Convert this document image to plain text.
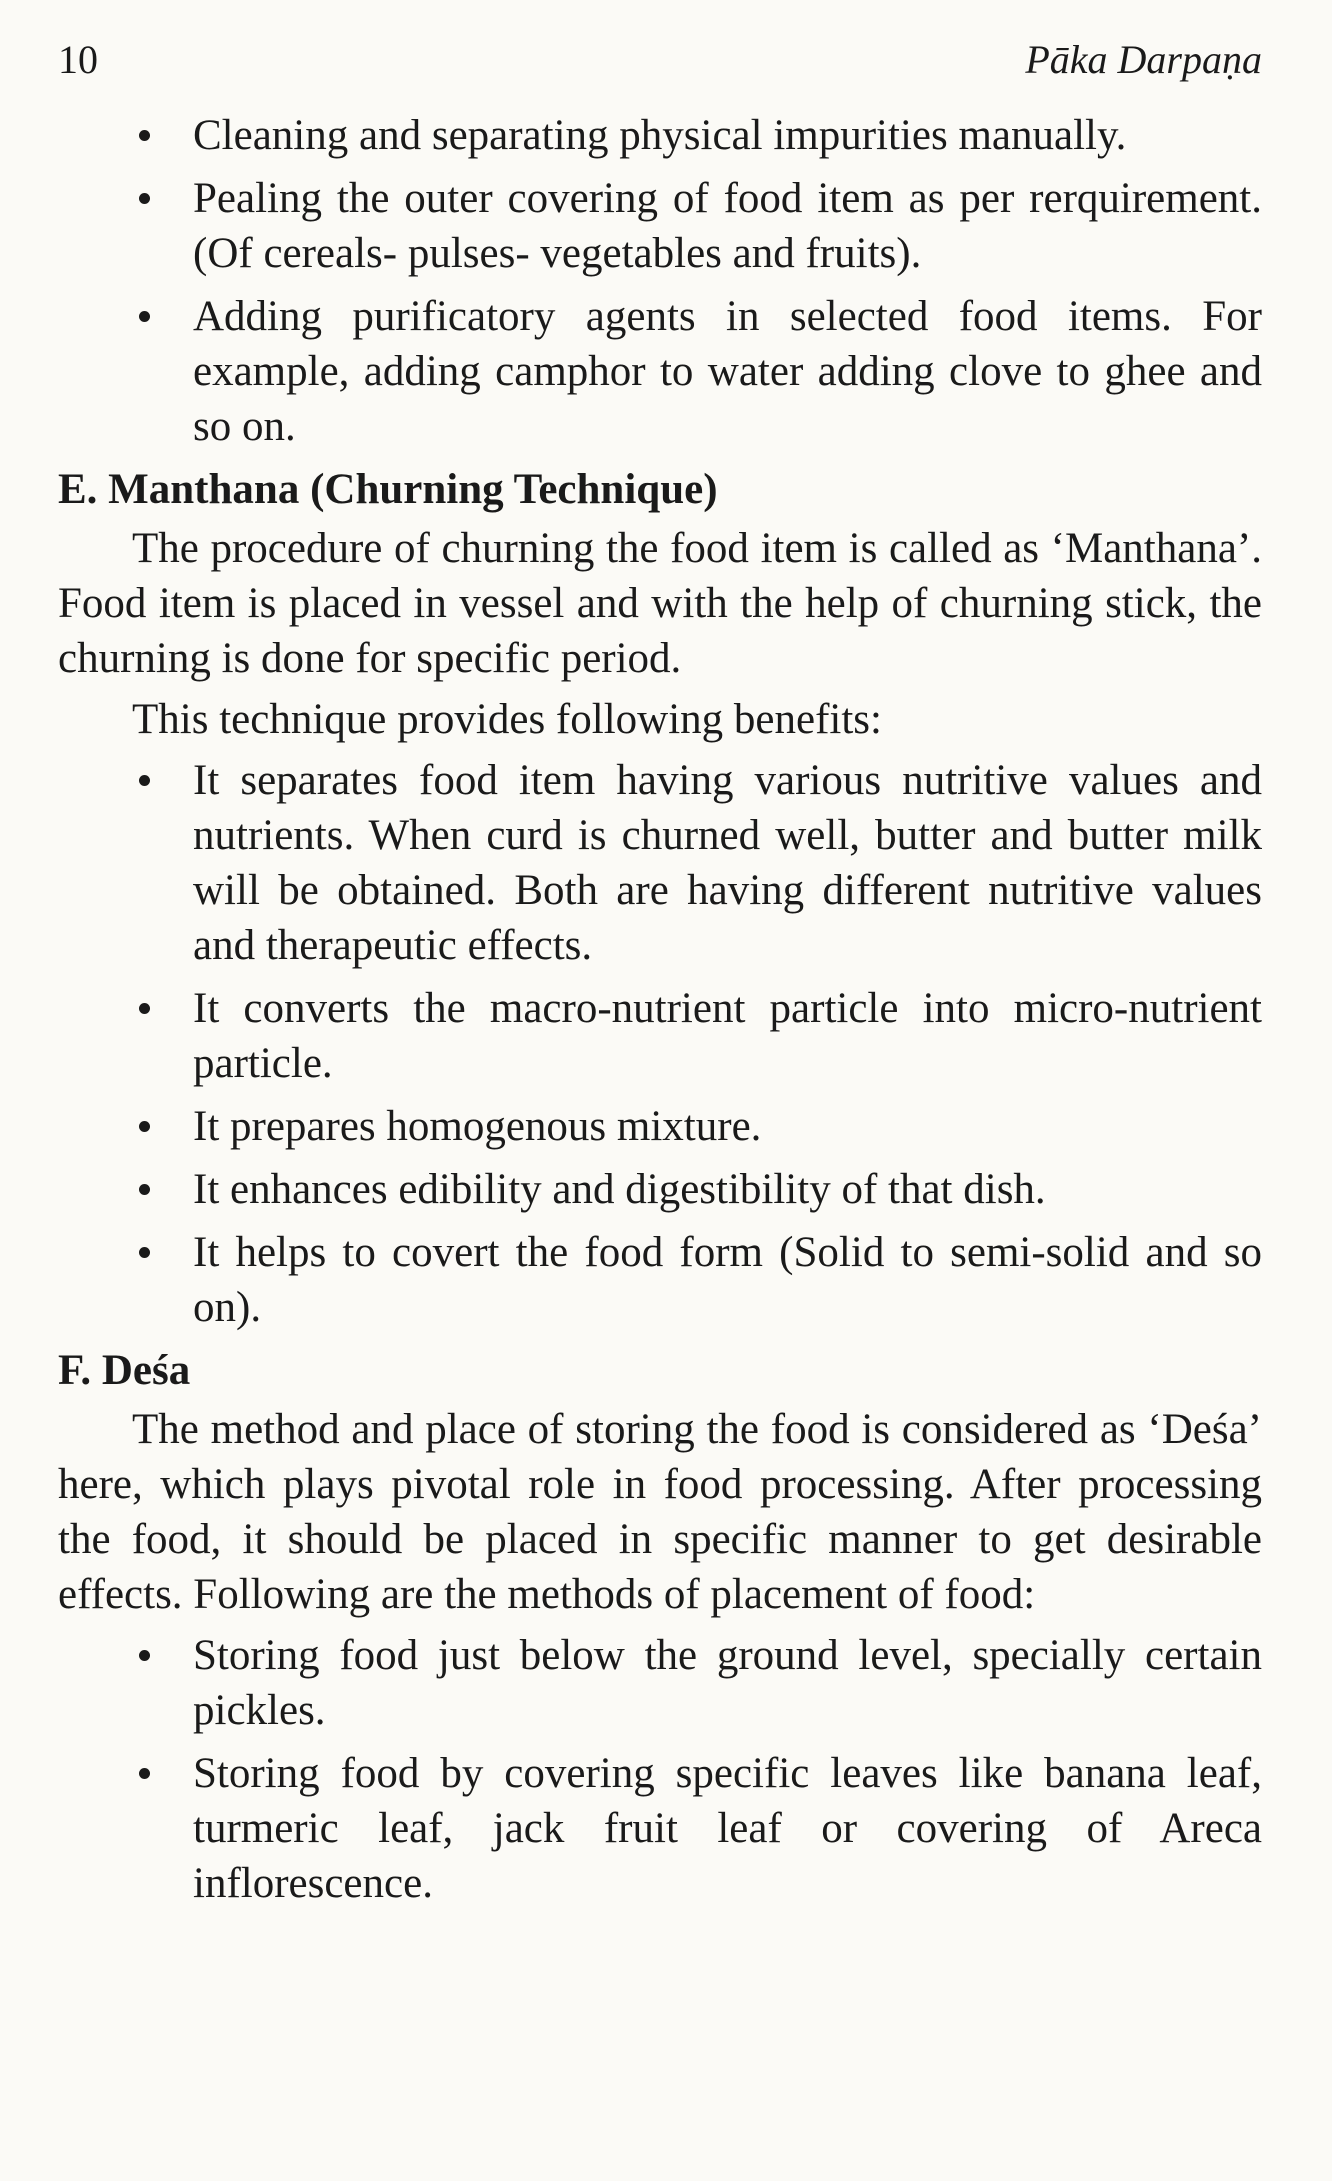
10	Pāka Darpaṇa
Cleaning and separating physical impurities manually.
Pealing the outer covering of food item as per rerquirement. (Of cereals- pulses- vegetables and fruits).
Adding purificatory agents in selected food items. For example, adding camphor to water adding clove to ghee and so on.
E. Manthana (Churning Technique)

The procedure of churning the food item is called as ‘Manthana’. Food item is placed in vessel and with the help of churning stick, the churning is done for specific period.

This technique provides following benefits:

It separates food item having various nutritive values and nutrients. When curd is churned well, butter and butter milk will be obtained. Both are having different nutritive values and therapeutic effects.
It converts the macro-nutrient particle into micro-nutrient particle.
It prepares homogenous mixture.
It enhances edibility and digestibility of that dish.
It helps to covert the food form (Solid to semi-solid and so on).
F. Deśa

The method and place of storing the food is considered as ‘Deśa’ here, which plays pivotal role in food processing. After processing the food, it should be placed in specific manner to get desirable effects. Following are the methods of placement of food:

Storing food just below the ground level, specially certain pickles.
Storing food by covering specific leaves like banana leaf, turmeric leaf, jack fruit leaf or covering of Areca inflorescence.
